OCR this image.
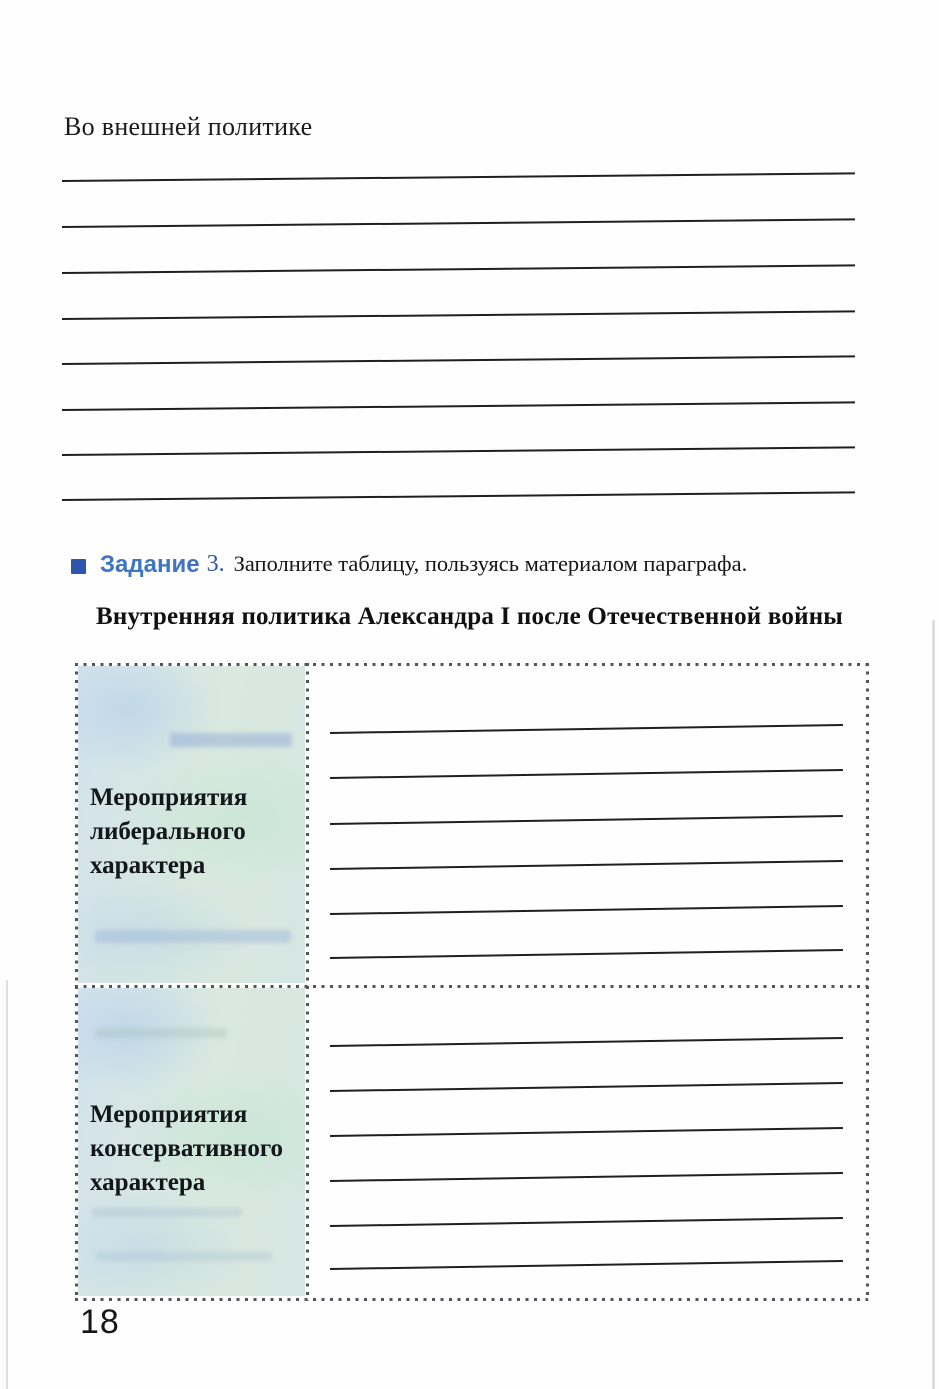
Во внешней политике
Задание 3. Заполните таблицу, пользуясь материалом параграфа.
Внутренняя политика Александра I после Отечественной войны
Мероприятия либерального характера
Мероприятия консервативного характера
18
